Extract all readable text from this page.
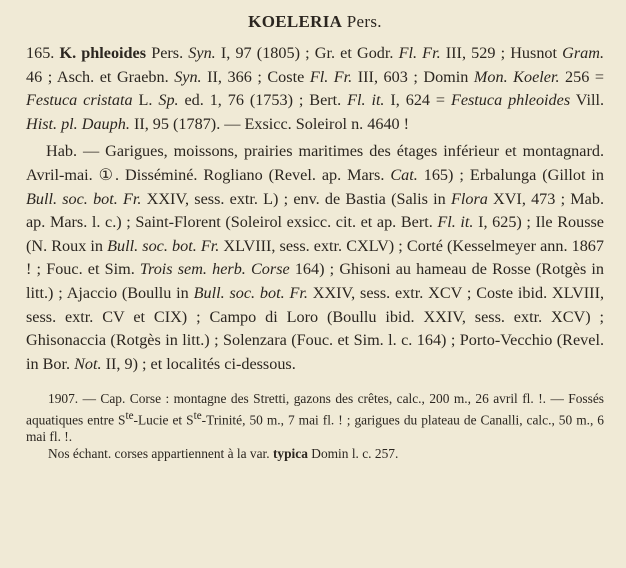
KOELERIA Pers.

165. K. phleoides Pers. Syn. I, 97 (1805) ; Gr. et Godr. Fl. Fr. III, 529 ; Husnot Gram. 46 ; Asch. et Graebn. Syn. II, 366 ; Coste Fl. Fr. III, 603 ; Domin Mon. Koeler. 256 = Festuca cristata L. Sp. ed. 1, 76 (1753) ; Bert. Fl. it. I, 624 = Festuca phleoides Vill. Hist. pl. Dauph. II, 95 (1787). — Exsicc. Soleirol n. 4640 !

Hab. — Garigues, moissons, prairies maritimes des étages inférieur et montagnard. Avril-mai. ①. Disséminé. Rogliano (Revel. ap. Mars. Cat. 165) ; Erbalunga (Gillot in Bull. soc. bot. Fr. XXIV, sess. extr. L) ; env. de Bastia (Salis in Flora XVI, 473 ; Mab. ap. Mars. l. c.) ; Saint-Florent (Soleirol exsicc. cit. et ap. Bert. Fl. it. I, 625) ; Ile Rousse (N. Roux in Bull. soc. bot. Fr. XLVIII, sess. extr. CXLV) ; Corté (Kesselmeyer ann. 1867 ! ; Fouc. et Sim. Trois sem. herb. Corse 164) ; Ghisoni au hameau de Rosse (Rotgès in litt.) ; Ajaccio (Boullu in Bull. soc. bot. Fr. XXIV, sess. extr. XCV ; Coste ibid. XLVIII, sess. extr. CV et CIX) ; Campo di Loro (Boullu ibid. XXIV, sess. extr. XCV) ; Ghisonaccia (Rotgès in litt.) ; Solenzara (Fouc. et Sim. l. c. 164) ; Porto-Vecchio (Revel. in Bor. Not. II, 9) ; et localités ci-dessous.

1907. — Cap. Corse : montagne des Stretti, gazons des crêtes, calc., 200 m., 26 avril fl. !. — Fossés aquatiques entre $S^{te}$-Lucie et $S^{te}$-Trinité, 50 m., 7 mai fl. ! ; garigues du plateau de Canalli, calc., 50 m., 6 mai fl. !.

Nos échant. corses appartiennent à la var. typica Domin l. c. 257.
